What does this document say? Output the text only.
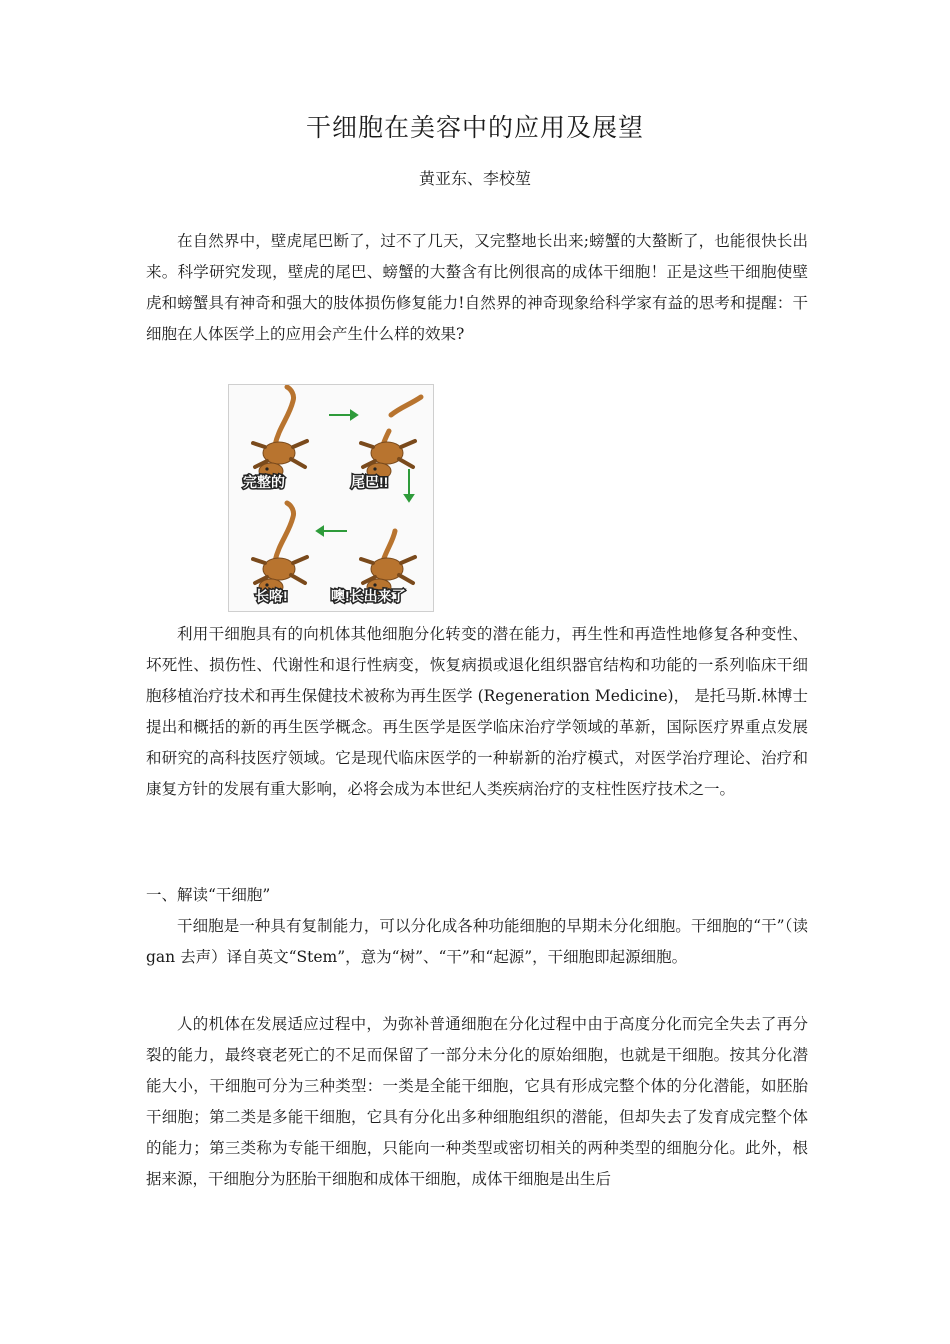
干细胞在美容中的应用及展望
黄亚东、李校堃

在自然界中，壁虎尾巴断了，过不了几天，又完整地长出来;螃蟹的大螯断了，也能很快长出来。科学研究发现，壁虎的尾巴、螃蟹的大螯含有比例很高的成体干细胞！正是这些干细胞使壁虎和螃蟹具有神奇和强大的肢体损伤修复能力!自然界的神奇现象给科学家有益的思考和提醒：干细胞在人体医学上的应用会产生什么样的效果?

完整的	尾巴!!
长咯!	噢!长出来了

利用干细胞具有的向机体其他细胞分化转变的潜在能力，再生性和再造性地修复各种变性、坏死性、损伤性、代谢性和退行性病变，恢复病损或退化组织器官结构和功能的一系列临床干细胞移植治疗技术和再生保健技术被称为再生医学 (Regeneration Medicine)， 是托马斯.林博士提出和概括的新的再生医学概念。再生医学是医学临床治疗学领域的革新，国际医疗界重点发展和研究的高科技医疗领域。它是现代临床医学的一种崭新的治疗模式，对医学治疗理论、治疗和康复方针的发展有重大影响，必将会成为本世纪人类疾病治疗的支柱性医疗技术之一。

一、解读“干细胞”

干细胞是一种具有复制能力，可以分化成各种功能细胞的早期未分化细胞。干细胞的“干”（读 gan 去声）译自英文“Stem”，意为“树”、“干”和“起源”，干细胞即起源细胞。

人的机体在发展适应过程中，为弥补普通细胞在分化过程中由于高度分化而完全失去了再分裂的能力，最终衰老死亡的不足而保留了一部分未分化的原始细胞，也就是干细胞。按其分化潜能大小，干细胞可分为三种类型：一类是全能干细胞，它具有形成完整个体的分化潜能，如胚胎干细胞；第二类是多能干细胞，它具有分化出多种细胞组织的潜能，但却失去了发育成完整个体的能力；第三类称为专能干细胞，只能向一种类型或密切相关的两种类型的细胞分化。此外，根据来源，干细胞分为胚胎干细胞和成体干细胞，成体干细胞是出生后
